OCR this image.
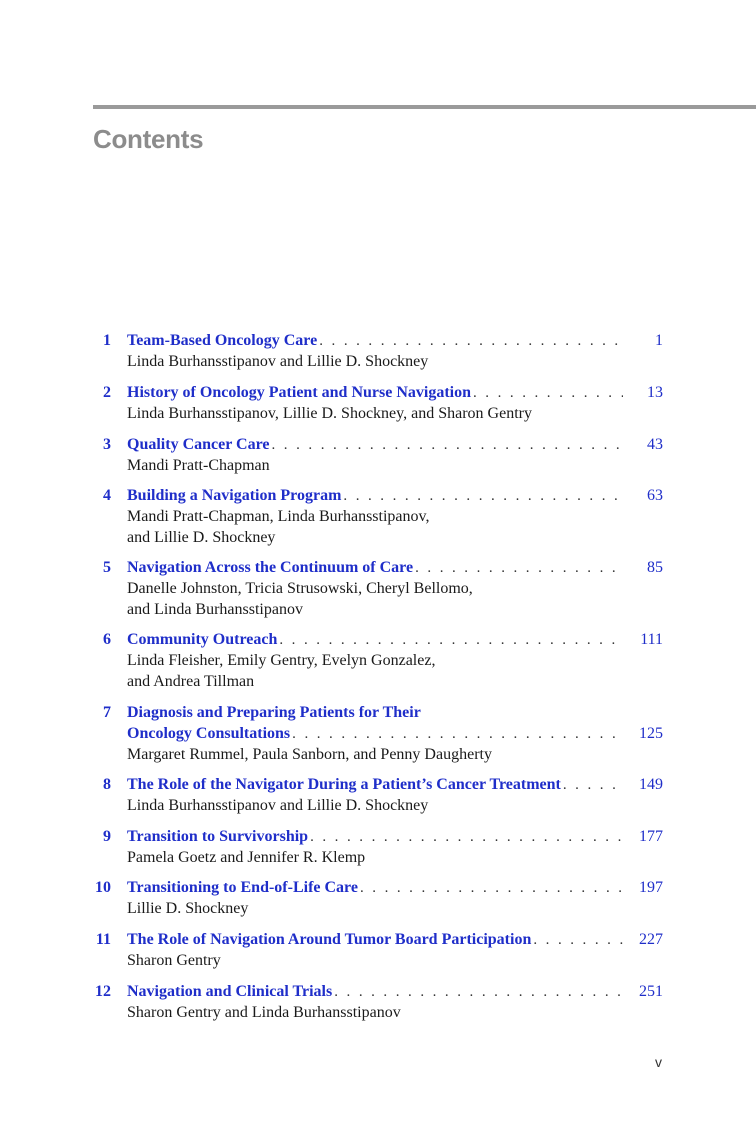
Contents
1 Team-Based Oncology Care . . .	1
Linda Burhansstipanov and Lillie D. Shockney
2 History of Oncology Patient and Nurse Navigation . . .	13
Linda Burhansstipanov, Lillie D. Shockney, and Sharon Gentry
3 Quality Cancer Care . . .	43
Mandi Pratt-Chapman
4 Building a Navigation Program . . .	63
Mandi Pratt-Chapman, Linda Burhansstipanov,
and Lillie D. Shockney
5 Navigation Across the Continuum of Care . . .	85
Danelle Johnston, Tricia Strusowski, Cheryl Bellomo,
and Linda Burhansstipanov
6 Community Outreach . . .	111
Linda Fleisher, Emily Gentry, Evelyn Gonzalez,
and Andrea Tillman
7 Diagnosis and Preparing Patients for Their
Oncology Consultations . . .	125
Margaret Rummel, Paula Sanborn, and Penny Daugherty
8 The Role of the Navigator During a Patient’s Cancer Treatment . . .	149
Linda Burhansstipanov and Lillie D. Shockney
9 Transition to Survivorship . . .	177
Pamela Goetz and Jennifer R. Klemp
10 Transitioning to End-of-Life Care . . .	197
Lillie D. Shockney
11 The Role of Navigation Around Tumor Board Participation . . .	227
Sharon Gentry
12 Navigation and Clinical Trials . . .	251
Sharon Gentry and Linda Burhansstipanov
v
